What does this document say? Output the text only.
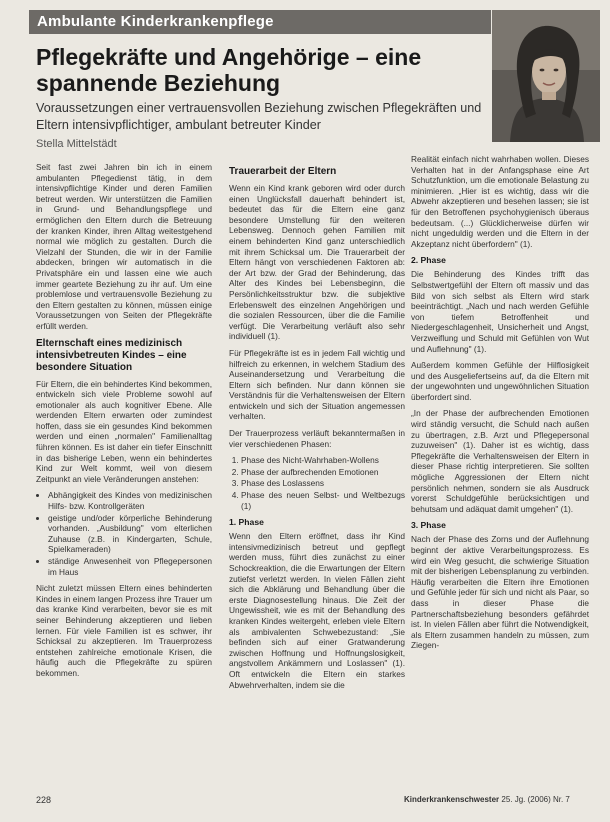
Ambulante Kinderkrankenpflege
Pflegekräfte und Angehörige – eine spannende Beziehung

Voraussetzungen einer vertrauensvollen Beziehung zwischen Pflegekräften und Eltern intensivpflichtiger, ambulant betreuter Kinder

Stella Mittelstädt

Seit fast zwei Jahren bin ich in einem ambulanten Pflegedienst tätig, in dem intensivpflichtige Kinder und deren Familien betreut werden. Wir unterstützen die Familien in Grund- und Behandlungspflege und ermöglichen den Eltern durch die Betreuung der kranken Kinder, ihren Alltag weitestgehend normal wie möglich zu gestalten. Durch die Vielzahl der Stunden, die wir in der Familie abdecken, bringen wir automatisch in die Privatsphäre ein und lassen eine wie auch immer geartete Beziehung zu ihr auf. Um eine problemlose und vertrauensvolle Beziehung zu den Eltern gestalten zu können, müssen einige Voraussetzungen von Seiten der Pflegekräfte erfüllt werden.

Elternschaft eines medizinisch intensivbetreuten Kindes – eine besondere Situation

Für Eltern, die ein behindertes Kind bekommen, entwickeln sich viele Probleme sowohl auf emotionaler als auch kognitiver Ebene. Alle werdenden Eltern erwarten oder zumindest hoffen, dass sie ein gesundes Kind bekommen werden und einen „normalen" Familienalltag führen können. Es ist daher ein tiefer Einschnitt in das bisherige Leben, wenn ein behindertes Kind zur Welt kommt, weil von diesem Zeitpunkt an viele Veränderungen anstehen:

• Abhängigkeit des Kindes von medizinischen Hilfs- bzw. Kontrollgeräten
• geistige und/oder körperliche Behinderung vorhanden. „Ausbildung" vom elterlichen Zuhause (z.B. in Kindergarten, Schule, Spielkameraden)
• ständige Anwesenheit von Pflegepersonen im Haus

Nicht zuletzt müssen Eltern eines behinderten Kindes in einem langen Prozess ihre Trauer um das kranke Kind verarbeiten, bevor sie es mit seiner Behinderung akzeptieren und lieben lernen. Für viele Familien ist es schwer, ihr Schicksal zu akzeptieren. Im Trauerprozess entstehen zahlreiche emotionale Krisen, die häufig auch die Pflegekräfte zu spüren bekommen.

Trauerarbeit der Eltern

Wenn ein Kind krank geboren wird oder durch einen Unglücksfall dauerhaft behindert ist, bedeutet das für die Eltern eine ganz besondere Umstellung für den weiteren Lebensweg. Dennoch gehen Familien mit einem behinderten Kind ganz unterschiedlich mit ihrem Schicksal um. Die Trauerarbeit der Eltern hängt von verschiedenen Faktoren ab: der Art bzw. der Grad der Behinderung, das Alter des Kindes bei Lebensbeginn, die Persönlichkeitsstruktur bzw. die subjektive Erlebenswelt des einzelnen Angehörigen und die sozialen Ressourcen, über die die Familie verfügt. Die Verarbeitung verläuft also sehr individuell (1).

Für Pflegekräfte ist es in jedem Fall wichtig und hilfreich zu erkennen, in welchem Stadium des Auseinandersetzung und Verarbeitung die Eltern sich befinden. Nur dann können sie Verständnis für die Verhaltensweisen der Eltern entwickeln und sich der Situation angemessen verhalten.

Der Trauerprozess verläuft bekanntermaßen in vier verschiedenen Phasen:

1. Phase des Nicht-Wahrhaben-Wollens
2. Phase der aufbrechenden Emotionen
3. Phase des Loslassens
4. Phase des neuen Selbst- und Weltbezugs (1)
1. Phase

Wenn den Eltern eröffnet, dass ihr Kind intensivmedizinisch betreut und gepflegt werden muss, führt dies zunächst zu einer Schockreaktion, die die Erwartungen der Eltern zutiefst verletzt werden. In vielen Fällen zieht sich die Abklärung und Behandlung über die erste Diagnosestellung hinaus. Die Zeit der Ungewissheit, wie es mit der Behandlung des kranken Kindes weitergeht, erleben viele Eltern als ambivalenten Schwebezustand: „Sie befinden sich auf einer Gratwanderung zwischen Hoffnung und Hoffnungslosigkeit, angstvollem Ankämmern und Loslassen" (1). Oft entwickeln die Eltern ein starkes Abwehrverhalten, indem sie die

Realität einfach nicht wahrhaben wollen. Dieses Verhalten hat in der Anfangsphase eine Art Schutzfunktion, um die emotionale Belastung zu minimieren. „Hier ist es wichtig, dass wir die Abwehr akzeptieren und besehen lassen; sie ist für den Betroffenen psychohygienisch überaus bedeutsam. (...) Glücklicherweise dürfen wir nicht ungeduldig werden und die Eltern in der Akzeptanz nicht überfordern" (1).

2. Phase

Die Behinderung des Kindes trifft das Selbstwertgefühl der Eltern oft massiv und das Bild von sich selbst als Eltern wird stark beeinträchtigt. „Nach und nach werden Gefühle von tiefem Betroffenheit und Niedergeschlagenheit, Unsicherheit und Angst, Verzweiflung und Schuld mit Gefühlen von Wut und Auflehnung" (1).

Außerdem kommen Gefühle der Hilflosigkeit und des Ausgeliefertseins auf, da die Eltern mit der ungewohnten und ungewöhnlichen Situation überfordert sind.

„In der Phase der aufbrechenden Emotionen wird ständig versucht, die Schuld nach außen zu übertragen, z.B. Arzt und Pflegepersonal zuzuweisen" (1). Daher ist es wichtig, dass Pflegekräfte die Verhaltensweisen der Eltern in dieser Phase richtig interpretieren. Sie sollten mögliche Aggressionen der Eltern nicht persönlich nehmen, sondern sie als Ausdruck vorerst Schuldgefühle berücksichtigen und behutsam und adäquat damit umgehen" (1).

3. Phase

Nach der Phase des Zorns und der Auflehnung beginnt der aktive Verarbeitungsprozess. Es wird ein Weg gesucht, die schwierige Situation mit der bisherigen Lebensplanung zu verbinden. Häufig verarbeiten die Eltern ihre Emotionen und Gefühle jeder für sich und nicht als Paar, so dass in dieser Phase die Partnerschaftsbeziehung besonders gefährdet ist. In vielen Fällen aber führt die Notwendigkeit, als Eltern zusammen handeln zu müssen, zum Ziegen-

228	Kinderkrankenschwester 25. Jg. (2006) Nr. 7
